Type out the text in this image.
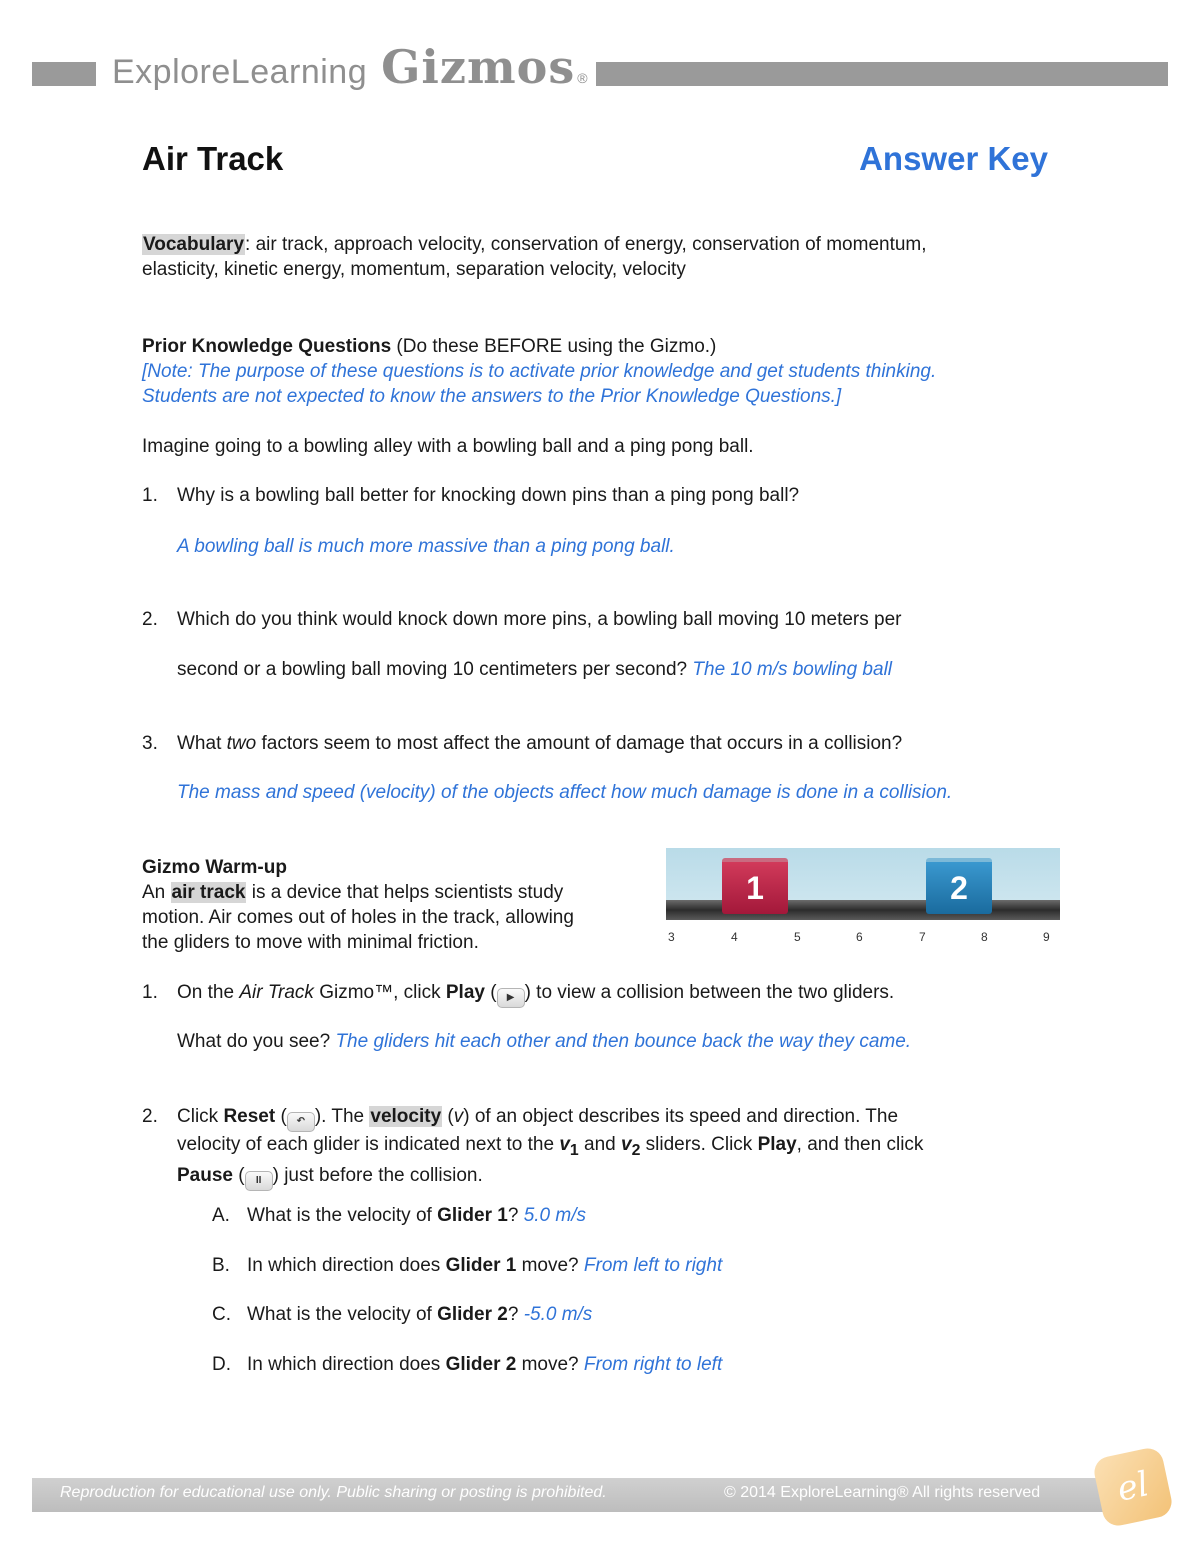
ExploreLearning Gizmos ®
Air Track	Answer Key
Vocabulary: air track, approach velocity, conservation of energy, conservation of momentum,
elasticity, kinetic energy, momentum, separation velocity, velocity
Prior Knowledge Questions (Do these BEFORE using the Gizmo.)
[Note: The purpose of these questions is to activate prior knowledge and get students thinking.
Students are not expected to know the answers to the Prior Knowledge Questions.]
Imagine going to a bowling alley with a bowling ball and a ping pong ball.
1. Why is a bowling ball better for knocking down pins than a ping pong ball?
A bowling ball is much more massive than a ping pong ball.
2. Which do you think would knock down more pins, a bowling ball moving 10 meters per
second or a bowling ball moving 10 centimeters per second? The 10 m/s bowling ball
3. What two factors seem to most affect the amount of damage that occurs in a collision?
The mass and speed (velocity) of the objects affect how much damage is done in a collision.
Gizmo Warm-up
An air track is a device that helps scientists study
motion. Air comes out of holes in the track, allowing
the gliders to move with minimal friction.
1	2
3	4	5	6	7	8	9
1. On the Air Track Gizmo™, click Play ( ▶ ) to view a collision between the two gliders.
What do you see? The gliders hit each other and then bounce back the way they came.
2. Click Reset ( ↶ ). The velocity (v) of an object describes its speed and direction. The
velocity of each glider is indicated next to the $v_1$ and $v_2$ sliders. Click Play, and then click
Pause ( II ) just before the collision.
A. What is the velocity of Glider 1? 5.0 m/s
B. In which direction does Glider 1 move? From left to right
C. What is the velocity of Glider 2? -5.0 m/s
D. In which direction does Glider 2 move? From right to left
Reproduction for educational use only. Public sharing or posting is prohibited.	© 2014 ExploreLearning® All rights reserved	el
